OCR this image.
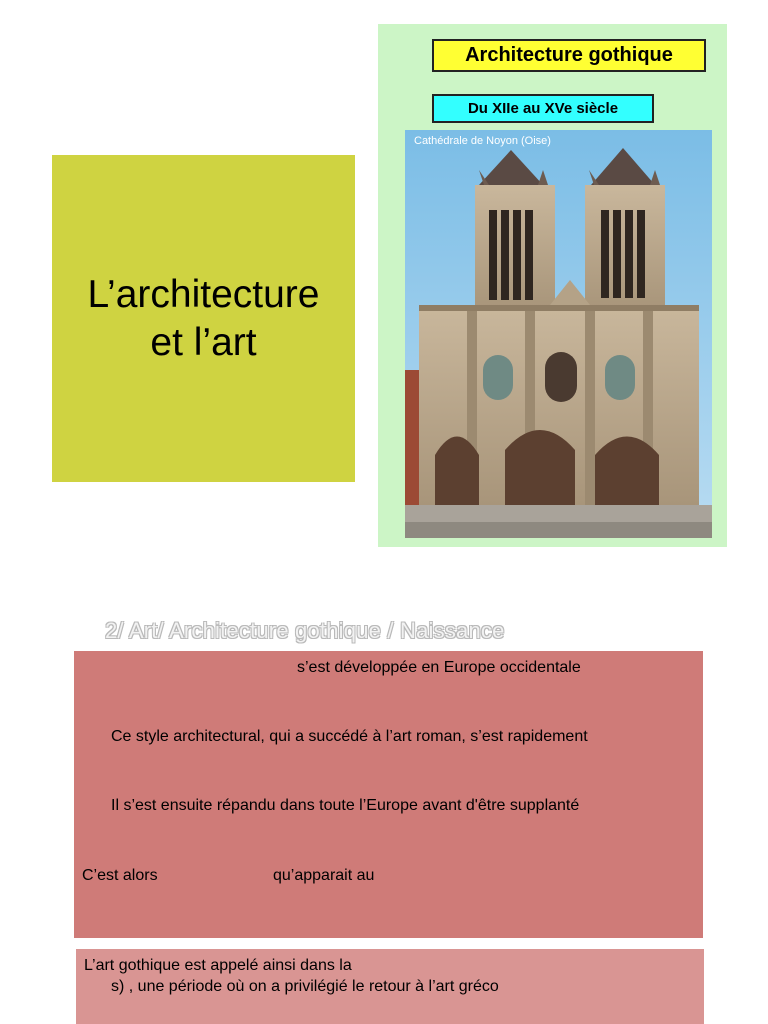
L’architecture
et l’art
Architecture gothique
Du XIIe au XVe siècle
Cathédrale de Noyon (Oise)
2/ Art/ Architecture gothique / Naissance
s’est développée en Europe occidentale
Ce style architectural, qui a succédé à l’art roman, s’est rapidement
Il s’est ensuite répandu dans toute l’Europe avant d'être supplanté
C’est alors	qu’apparait au
L’art gothique est appelé ainsi dans la
s) , une période où on a privilégié le retour à l’art gréco
